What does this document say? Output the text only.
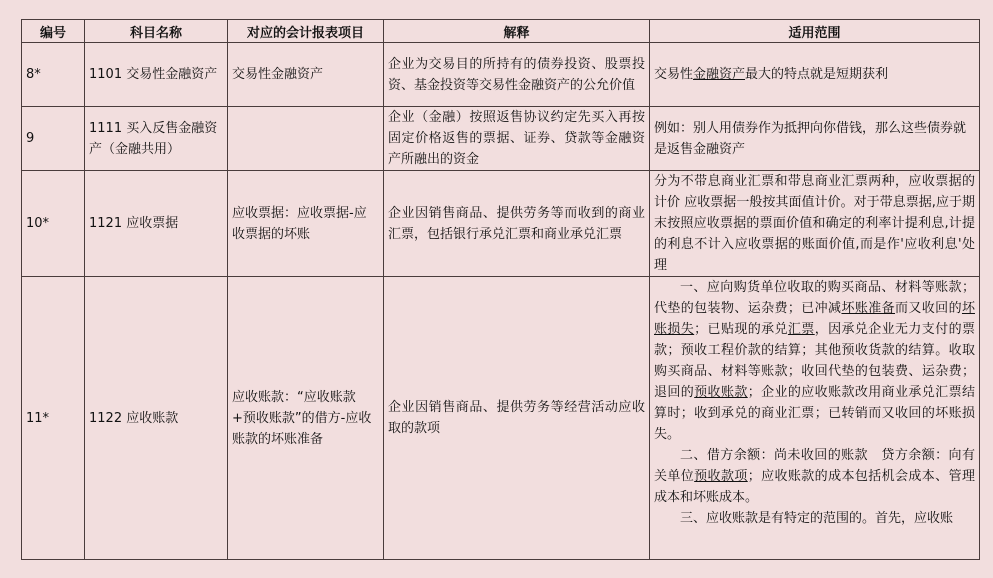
编号	科目名称	对应的会计报表项目	解释	适用范围
8*	1101 交易性金融资产	交易性金融资产	企业为交易目的所持有的债券投资、股票投资、基金投资等交易性金融资产的公允价值	交易性金融资产最大的特点就是短期获利
9	1111 买入反售金融资产（金融共用）		企业（金融）按照返售协议约定先买入再按固定价格返售的票据、证券、贷款等金融资产所融出的资金	例如：别人用债券作为抵押向你借钱，那么这些债券就是返售金融资产
10*	1121 应收票据	应收票据：应收票据-应收票据的坏账	企业因销售商品、提供劳务等而收到的商业汇票，包括银行承兑汇票和商业承兑汇票	分为不带息商业汇票和带息商业汇票两种，应收票据的计价 应收票据一般按其面值计价。对于带息票据,应于期末按照应收票据的票面价值和确定的利率计提利息,计提的利息不计入应收票据的账面价值,而是作'应收利息'处理
11*	1122 应收账款	应收账款：“应收账款+预收账款”的借方-应收账款的坏账准备	企业因销售商品、提供劳务等经营活动应收取的款项	一、应向购货单位收取的购买商品、材料等账款；代垫的包装物、运杂费；已冲减坏账准备而又收回的坏账损失；已贴现的承兑汇票，因承兑企业无力支付的票款；预收工程价款的结算；其他预收货款的结算。收取购买商品、材料等账款；收回代垫的包装费、运杂费；退回的预收账款；企业的应收账款改用商业承兑汇票结算时；收到承兑的商业汇票；已转销而又收回的坏账损失。
二、借方余额：尚未收回的账款　贷方余额：向有关单位预收款项；应收账款的成本包括机会成本、管理成本和坏账成本。
三、应收账款是有特定的范围的。首先，应收账
